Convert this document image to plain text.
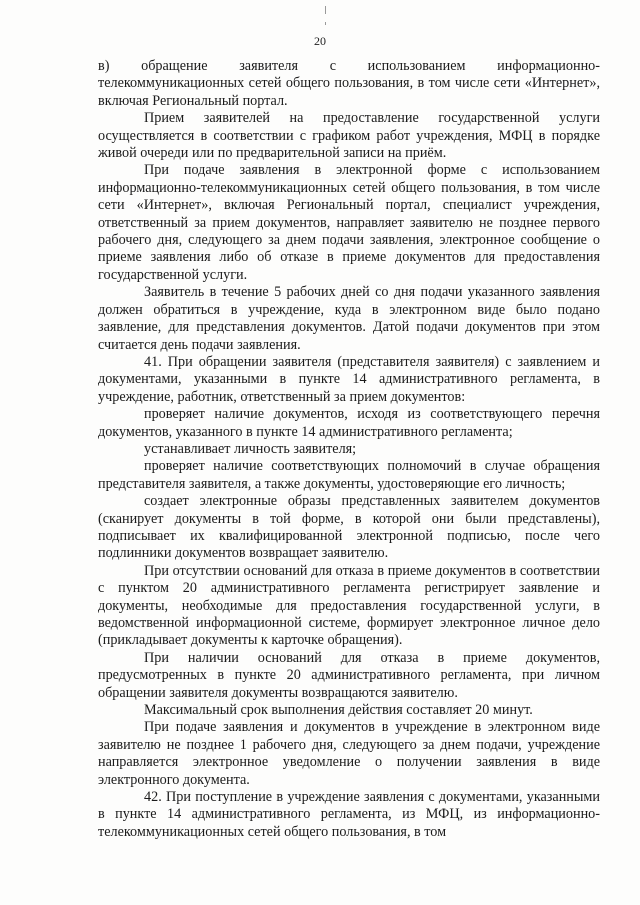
20

в) обращение заявителя с использованием информационно-телекоммуникационных сетей общего пользования, в том числе сети «Интернет», включая Региональный портал.

Прием заявителей на предоставление государственной услуги осуществляется в соответствии с графиком работ учреждения, МФЦ в порядке живой очереди или по предварительной записи на приём.

При подаче заявления в электронной форме с использованием информационно-телекоммуникационных сетей общего пользования, в том числе сети «Интернет», включая Региональный портал, специалист учреждения, ответственный за прием документов, направляет заявителю не позднее первого рабочего дня, следующего за днем подачи заявления, электронное сообщение о приеме заявления либо об отказе в приеме документов для предоставления государственной услуги.

Заявитель в течение 5 рабочих дней со дня подачи указанного заявления должен обратиться в учреждение, куда в электронном виде было подано заявление, для представления документов. Датой подачи документов при этом считается день подачи заявления.

41. При обращении заявителя (представителя заявителя) с заявлением и документами, указанными в пункте 14 административного регламента, в учреждение, работник, ответственный за прием документов:

проверяет наличие документов, исходя из соответствующего перечня документов, указанного в пункте 14 административного регламента;

устанавливает личность заявителя;

проверяет наличие соответствующих полномочий в случае обращения представителя заявителя, а также документы, удостоверяющие его личность;

создает электронные образы представленных заявителем документов (сканирует документы в той форме, в которой они были представлены), подписывает их квалифицированной электронной подписью, после чего подлинники документов возвращает заявителю.

При отсутствии оснований для отказа в приеме документов в соответствии с пунктом 20 административного регламента регистрирует заявление и документы, необходимые для предоставления государственной услуги, в ведомственной информационной системе, формирует электронное личное дело (прикладывает документы к карточке обращения).

При наличии оснований для отказа в приеме документов, предусмотренных в пункте 20 административного регламента, при личном обращении заявителя документы возвращаются заявителю.

Максимальный срок выполнения действия составляет 20 минут.

При подаче заявления и документов в учреждение в электронном виде заявителю не позднее 1 рабочего дня, следующего за днем подачи, учреждение направляется электронное уведомление о получении заявления в виде электронного документа.

42. При поступление в учреждение заявления с документами, указанными в пункте 14 административного регламента, из МФЦ, из информационно-телекоммуникационных сетей общего пользования, в том
